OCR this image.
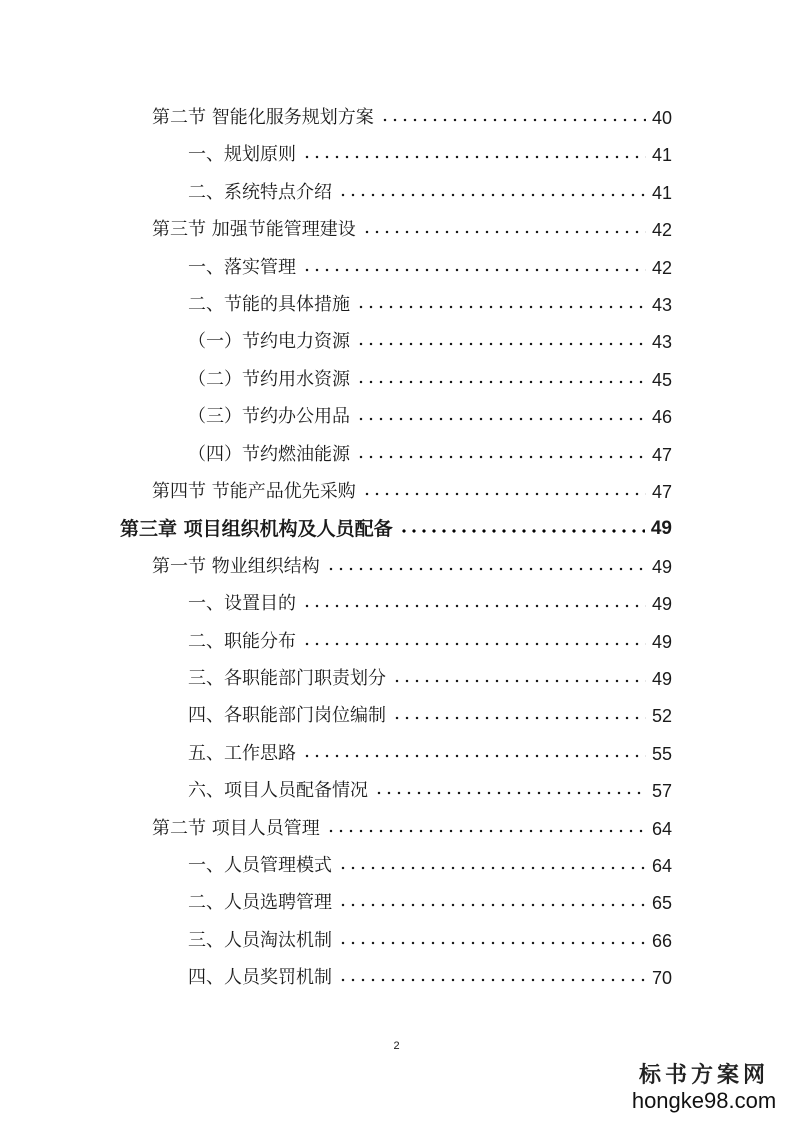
第二节 智能化服务规划方案	40
一、规划原则	41
二、系统特点介绍	41
第三节 加强节能管理建设	42
一、落实管理	42
二、节能的具体措施	43
（一）节约电力资源	43
（二）节约用水资源	45
（三）节约办公用品	46
（四）节约燃油能源	47
第四节 节能产品优先采购	47
第三章 项目组织机构及人员配备	49
第一节 物业组织结构	49
一、设置目的	49
二、职能分布	49
三、各职能部门职责划分	49
四、各职能部门岗位编制	52
五、工作思路	55
六、项目人员配备情况	57
第二节 项目人员管理	64
一、人员管理模式	64
二、人员选聘管理	65
三、人员淘汰机制	66
四、人员奖罚机制	70
2
标书方案网
hongke98.com
